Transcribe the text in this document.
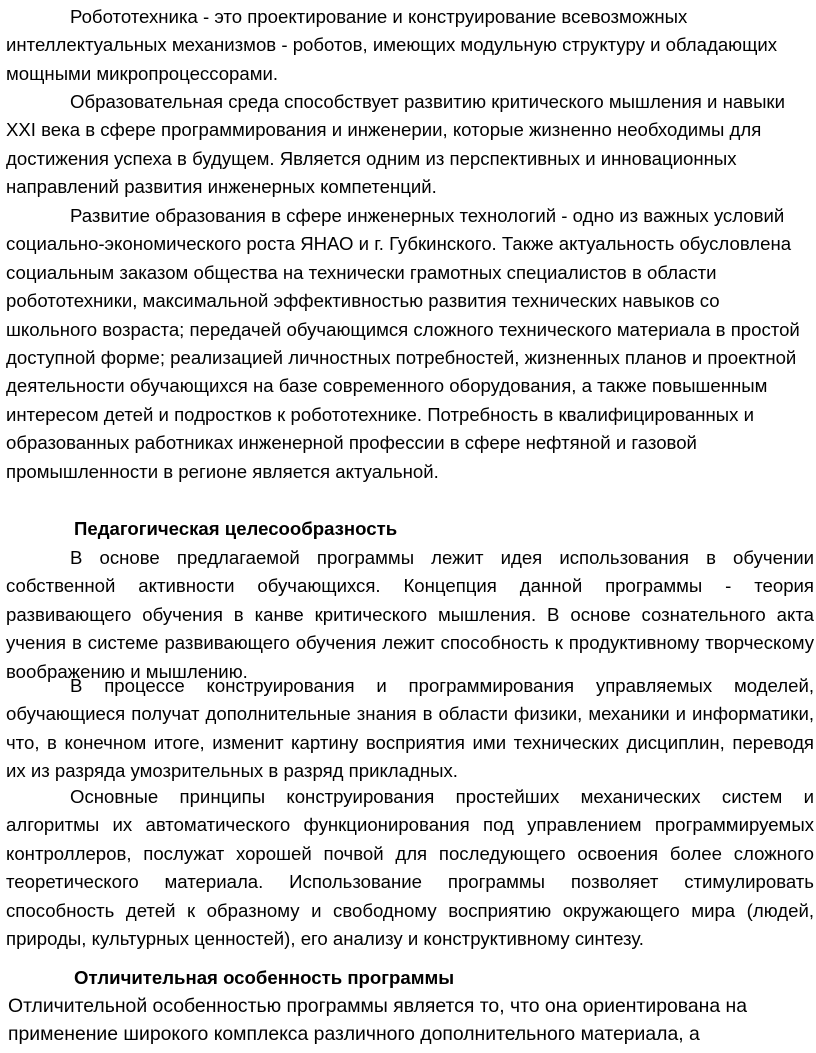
Робототехника - это проектирование и конструирование всевозможных интеллектуальных механизмов - роботов, имеющих модульную структуру и обладающих мощными микропроцессорами.

Образовательная среда способствует развитию критического мышления и навыки XXI века в сфере программирования и инженерии, которые жизненно необходимы для достижения успеха в будущем. Является одним из перспективных и инновационных направлений развития инженерных компетенций.

Развитие образования в сфере инженерных технологий - одно из важных условий социально-экономического роста ЯНАО и г. Губкинского. Также актуальность обусловлена социальным заказом общества на технически грамотных специалистов в области робототехники, максимальной эффективностью развития технических навыков со школьного возраста; передачей обучающимся сложного технического материала в простой доступной форме; реализацией личностных потребностей, жизненных планов и проектной деятельности обучающихся на базе современного оборудования, а также повышенным интересом детей и подростков к робототехнике. Потребность в квалифицированных и образованных работниках инженерной профессии в сфере нефтяной и газовой промышленности в регионе является актуальной.

Педагогическая целесообразность

В основе предлагаемой программы лежит идея использования в обучении собственной активности обучающихся. Концепция данной программы - теория развивающего обучения в канве критического мышления. В основе сознательного акта учения в системе развивающего обучения лежит способность к продуктивному творческому воображению и мышлению.

В процессе конструирования и программирования управляемых моделей, обучающиеся получат дополнительные знания в области физики, механики и информатики, что, в конечном итоге, изменит картину восприятия ими технических дисциплин, переводя их из разряда умозрительных в разряд прикладных.

Основные принципы конструирования простейших механических систем и алгоритмы их автоматического функционирования под управлением программируемых контроллеров, послужат хорошей почвой для последующего освоения более сложного теоретического материала. Использование программы позволяет стимулировать способность детей к образному и свободному восприятию окружающего мира (людей, природы, культурных ценностей), его анализу и конструктивному синтезу.

Отличительная особенность программы

Отличительной особенностью программы является то, что она ориентирована на применение широкого комплекса различного дополнительного материала, а
